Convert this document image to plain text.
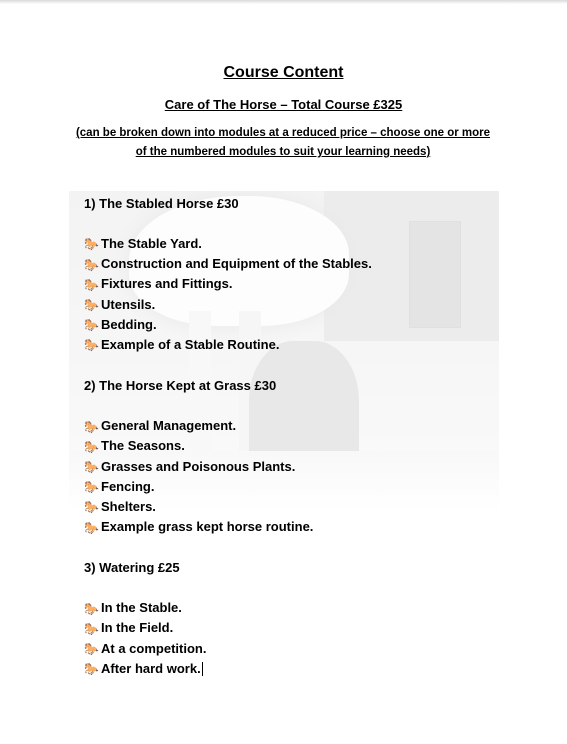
Course Content
Care of The Horse – Total Course £325
(can be broken down into modules at a reduced price – choose one or more
of the numbered modules to suit your learning needs)
1) The Stabled Horse £30
🐎 The Stable Yard.
🐎 Construction and Equipment of the Stables.
🐎 Fixtures and Fittings.
🐎 Utensils.
🐎 Bedding.
🐎 Example of a Stable Routine.
2) The Horse Kept at Grass £30
🐎 General Management.
🐎 The Seasons.
🐎 Grasses and Poisonous Plants.
🐎 Fencing.
🐎 Shelters.
🐎 Example grass kept horse routine.
3) Watering £25
🐎 In the Stable.
🐎 In the Field.
🐎 At a competition.
🐎 After hard work.
